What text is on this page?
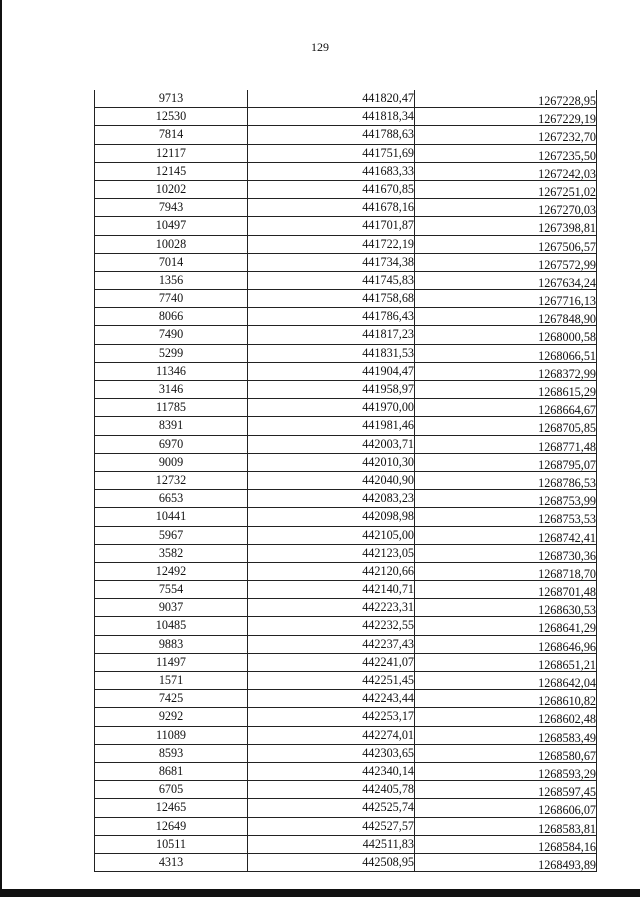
129
9713	441820,47	1267228,95
12530	441818,34	1267229,19
7814	441788,63	1267232,70
12117	441751,69	1267235,50
12145	441683,33	1267242,03
10202	441670,85	1267251,02
7943	441678,16	1267270,03
10497	441701,87	1267398,81
10028	441722,19	1267506,57
7014	441734,38	1267572,99
1356	441745,83	1267634,24
7740	441758,68	1267716,13
8066	441786,43	1267848,90
7490	441817,23	1268000,58
5299	441831,53	1268066,51
11346	441904,47	1268372,99
3146	441958,97	1268615,29
11785	441970,00	1268664,67
8391	441981,46	1268705,85
6970	442003,71	1268771,48
9009	442010,30	1268795,07
12732	442040,90	1268786,53
6653	442083,23	1268753,99
10441	442098,98	1268753,53
5967	442105,00	1268742,41
3582	442123,05	1268730,36
12492	442120,66	1268718,70
7554	442140,71	1268701,48
9037	442223,31	1268630,53
10485	442232,55	1268641,29
9883	442237,43	1268646,96
11497	442241,07	1268651,21
1571	442251,45	1268642,04
7425	442243,44	1268610,82
9292	442253,17	1268602,48
11089	442274,01	1268583,49
8593	442303,65	1268580,67
8681	442340,14	1268593,29
6705	442405,78	1268597,45
12465	442525,74	1268606,07
12649	442527,57	1268583,81
10511	442511,83	1268584,16
4313	442508,95	1268493,89
